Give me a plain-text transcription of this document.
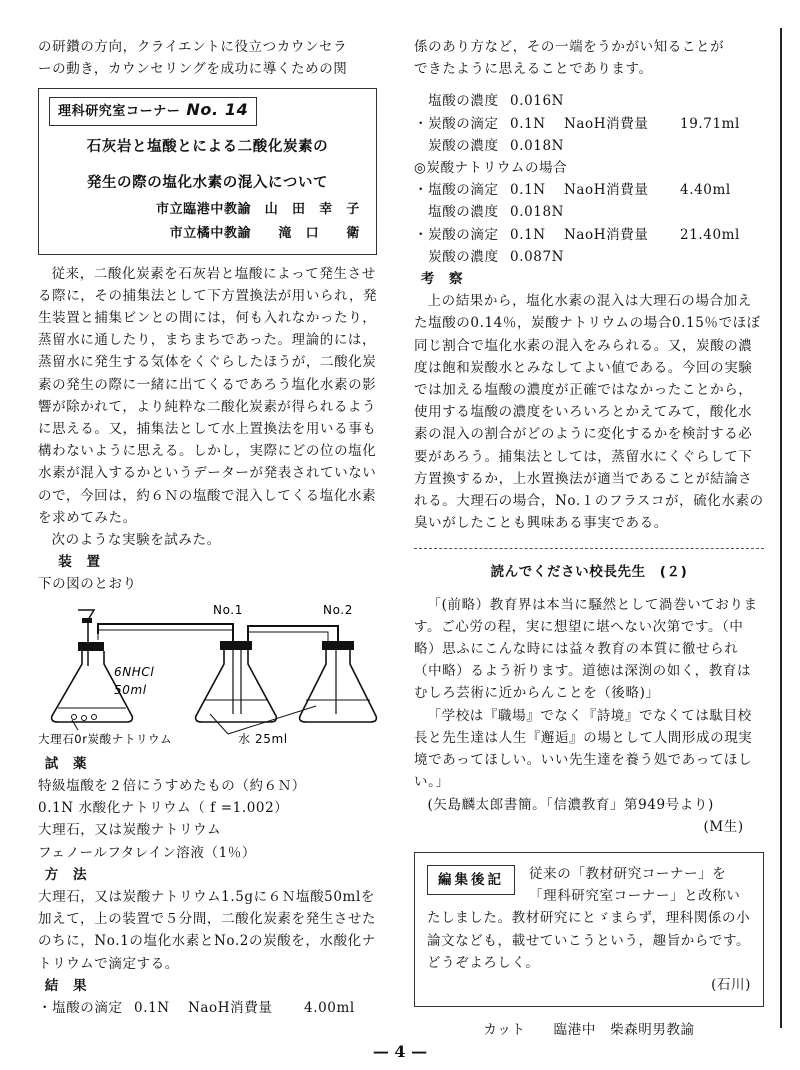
の研鑽の方向，クライエントに役立つカウンセラ

ーの動き，カウンセリングを成功に導くための関

理科研究室コーナー No. 14
石灰岩と塩酸とによる二酸化炭素の
発生の際の塩化水素の混入について
市立臨港中教諭　山　田　幸　子
市立橘中教諭　　滝　口　　衛

従来，二酸化炭素を石灰岩と塩酸によって発生させる際に，その捕集法として下方置換法が用いられ，発生装置と捕集ビンとの間には，何も入れなかったり，蒸留水に通したり，まちまちであった。理論的には，蒸留水に発生する気体をくぐらしたほうが，二酸化炭素の発生の際に一緒に出てくるであろう塩化水素の影響が除かれて，より純粋な二酸化炭素が得られるように思える。又，捕集法として水上置換法を用いる事も構わないように思える。しかし，実際にどの位の塩化水素が混入するかというデーターが発表されていないので，今回は，約６Ｎの塩酸で混入してくる塩化水素を求めてみた。

次のような実験を試みた。

装　置

下の図のとおり

No.1	No.2
6NHCl
50ml
大理石0r炭酸ナトリウム	水 25ml

試　薬

特級塩酸を２倍にうすめたもの（約６Ｎ）

0.1N 水酸化ナトリウム（ f =1.002）

大理石，又は炭酸ナトリウム

フェノールフタレイン溶液（1％）

方　法

大理石，又は炭酸ナトリウム1.5gに６Ｎ塩酸50mlを加えて，上の装置で５分間，二酸化炭素を発生させたのちに，No.1の塩化水素とNo.2の炭酸を，水酸化ナトリウムで滴定する。

結　果

・塩酸の滴定 0.1N	NaoH消費量	4.00ml

係のあり方など，その一端をうかがい知ることが

できたように思えることであります。

　塩酸の濃度 0.016N
・炭酸の滴定 0.1N	NaoH消費量	19.71ml
　炭酸の濃度 0.018N
◎炭酸ナトリウムの場合
・塩酸の滴定 0.1N	NaoH消費量	4.40ml
　塩酸の濃度 0.018N
・炭酸の滴定 0.1N	NaoH消費量	21.40ml
　炭酸の濃度 0.087N

考　察

上の結果から，塩化水素の混入は大理石の場合加えた塩酸の0.14％，炭酸ナトリウムの場合0.15％でほぼ同じ割合で塩化水素の混入をみられる。又，炭酸の濃度は飽和炭酸水とみなしてよい値である。今回の実験では加える塩酸の濃度が正確ではなかったことから，使用する塩酸の濃度をいろいろとかえてみて，酸化水素の混入の割合がどのように変化するかを検討する必要があろう。捕集法としては，蒸留水にくぐらして下方置換するか，上水置換法が適当であることが結論される。大理石の場合，No.１のフラスコが，硫化水素の臭いがしたことも興味ある事実である。

読んでください校長先生　(２)

「(前略）教育界は本当に騒然として渦巻いております。ご心労の程，実に想望に堪へない次第です。（中略）思ふにこんな時には益々教育の本質に徹せられ（中略）るよう祈ります。道徳は深渕の如く，教育はむしろ芸術に近からんことを（後略)」

「学校は『職場』でなく『詩境』でなくては駄目校長と先生達は人生『邂逅』の場として人間形成の現実境であってほしい。いい先生達を養う処であってほしい。」

(矢島麟太郎書簡。「信濃教育」第949号より)

(M生)

編集後記	従来の「教材研究コーナー」を「理科研究室コーナー」と改称いたしました。教材研究にとゞまらず，理科関係の小論文なども，載せていこうという，趣旨からです。どうぞよろしく。
(石川)

カット　　臨港中　柴森明男教諭

— 4 —
